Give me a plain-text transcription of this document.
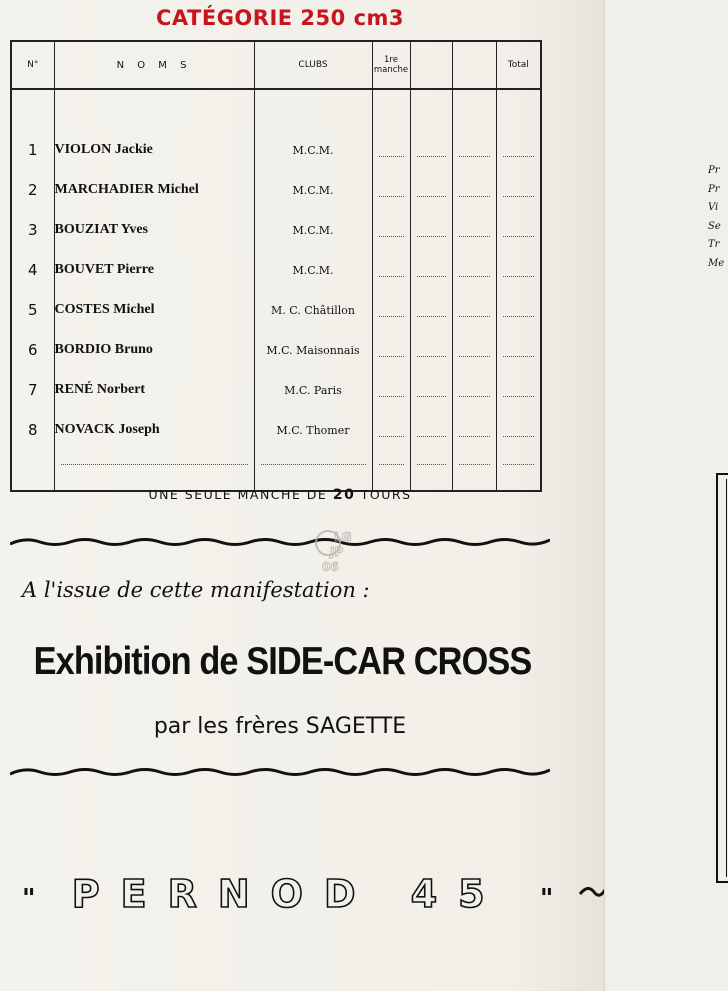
CATÉGORIE 250 cm3
N°	N O M S	CLUBS	1re manche			Total

1	VIOLON Jackie	M.C.M.	

2	MARCHADIER Michel	M.C.M.	

3	BOUZIAT Yves	M.C.M.	

4	BOUVET Pierre	M.C.M.	

5	COSTES Michel	M. C. Châtillon	

6	BORDIO Bruno	M.C. Maisonnais	

7	RENÉ Norbert	M.C. Paris	

8	NOVACK Joseph	M.C. Thomer	

UNE SEULE MANCHE DE 20 TOURS
LG
JP
06
A l'issue de cette manifestation :
Exhibition de SIDE-CAR CROSS
par les frères SAGETTE
" PERNOD 45 "
Pr
Pr
Vi
Se
Tr
Me
